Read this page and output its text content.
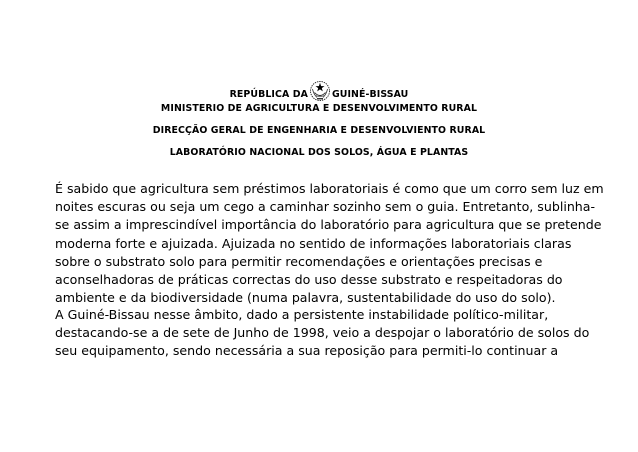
REPÚBLICA DA	GUINÉ-BISSAU
MINISTERIO DE AGRICULTURA E DESENVOLVIMENTO RURAL
DIRECÇÃO GERAL DE ENGENHARIA E DESENVOLVIENTO RURAL
LABORATÓRIO NACIONAL DOS SOLOS, ÁGUA E PLANTAS
É sabido que agricultura sem préstimos laboratoriais é como que um corro sem luz em
noites escuras ou seja um cego a caminhar sozinho sem o guia. Entretanto, sublinha-
se assim a imprescindível importância do laboratório para agricultura que se pretende
moderna forte e ajuizada. Ajuizada no sentido de informações laboratoriais claras
sobre o substrato solo para permitir recomendações e orientações precisas e
aconselhadoras de práticas correctas do uso desse substrato e respeitadoras do
ambiente e da biodiversidade (numa palavra, sustentabilidade do uso do solo).
A Guiné-Bissau nesse âmbito, dado a persistente instabilidade político-militar,
destacando-se a de sete de Junho de 1998, veio a despojar o laboratório de solos do
seu equipamento, sendo necessária a sua reposição para permiti-lo continuar a
